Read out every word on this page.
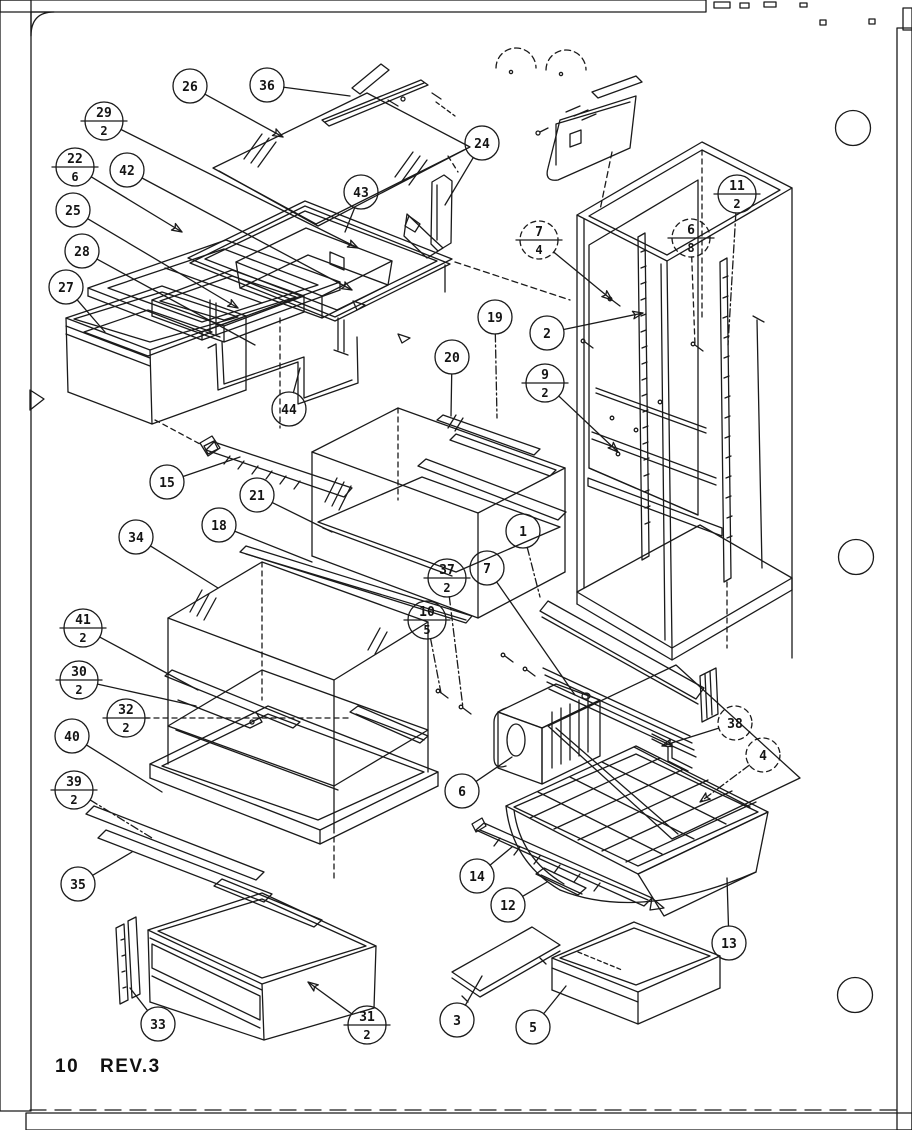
26	36
29
2
22
6	42
43
24
25
28
27
44
15
19
20
2
9
2
7
4
6
8
11
2
21
18
34
37
2
7
10
5
1
41
2
30
2
32
2
40
39
2
35
33
31
2
3	5
12
14
13
6
38
4
10 REV.3
